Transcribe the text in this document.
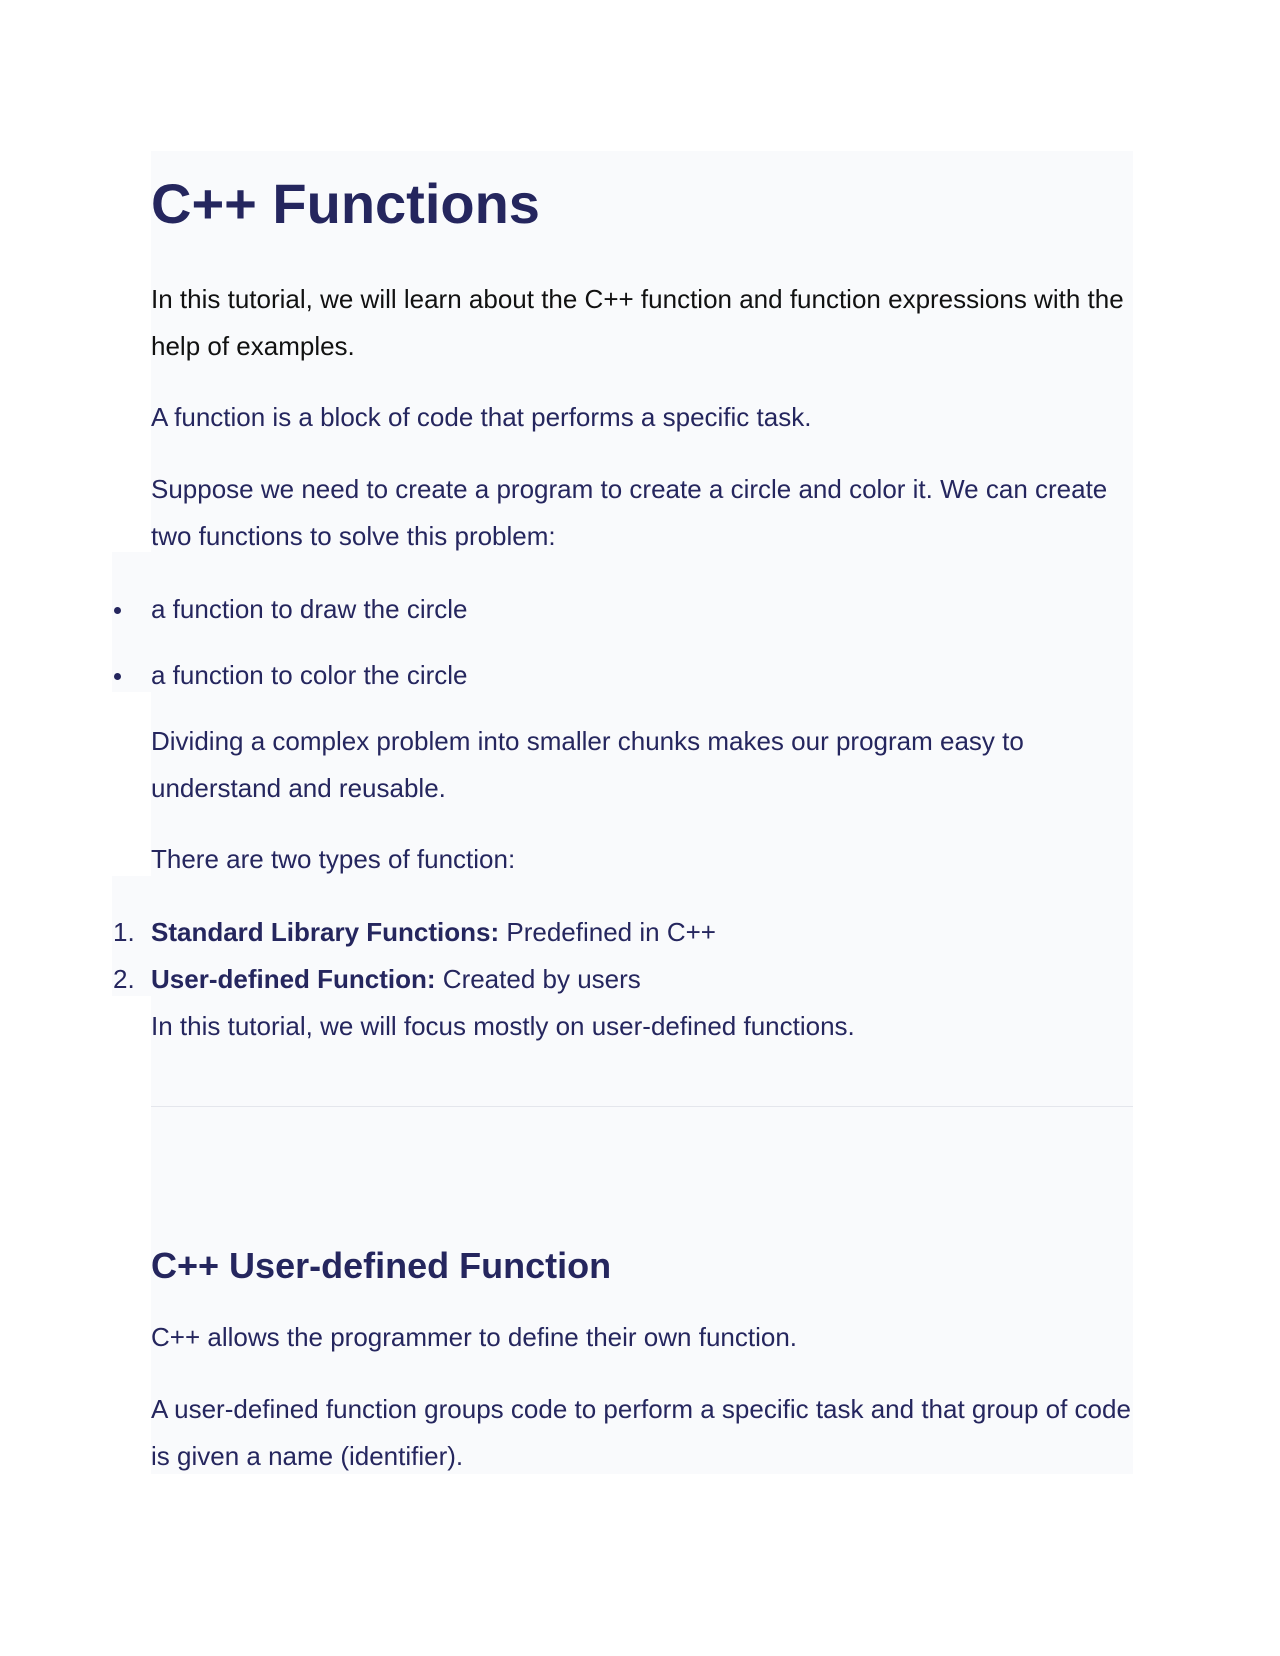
C++ Functions

In this tutorial, we will learn about the C++ function and function expressions with the help of examples.

A function is a block of code that performs a specific task.

Suppose we need to create a program to create a circle and color it. We can create two functions to solve this problem:

a function to draw the circle
a function to color the circle

Dividing a complex problem into smaller chunks makes our program easy to understand and reusable.

There are two types of function:

1. Standard Library Functions: Predefined in C++
2. User-defined Function: Created by users

In this tutorial, we will focus mostly on user-defined functions.

C++ User-defined Function

C++ allows the programmer to define their own function.

A user-defined function groups code to perform a specific task and that group of code is given a name (identifier).
